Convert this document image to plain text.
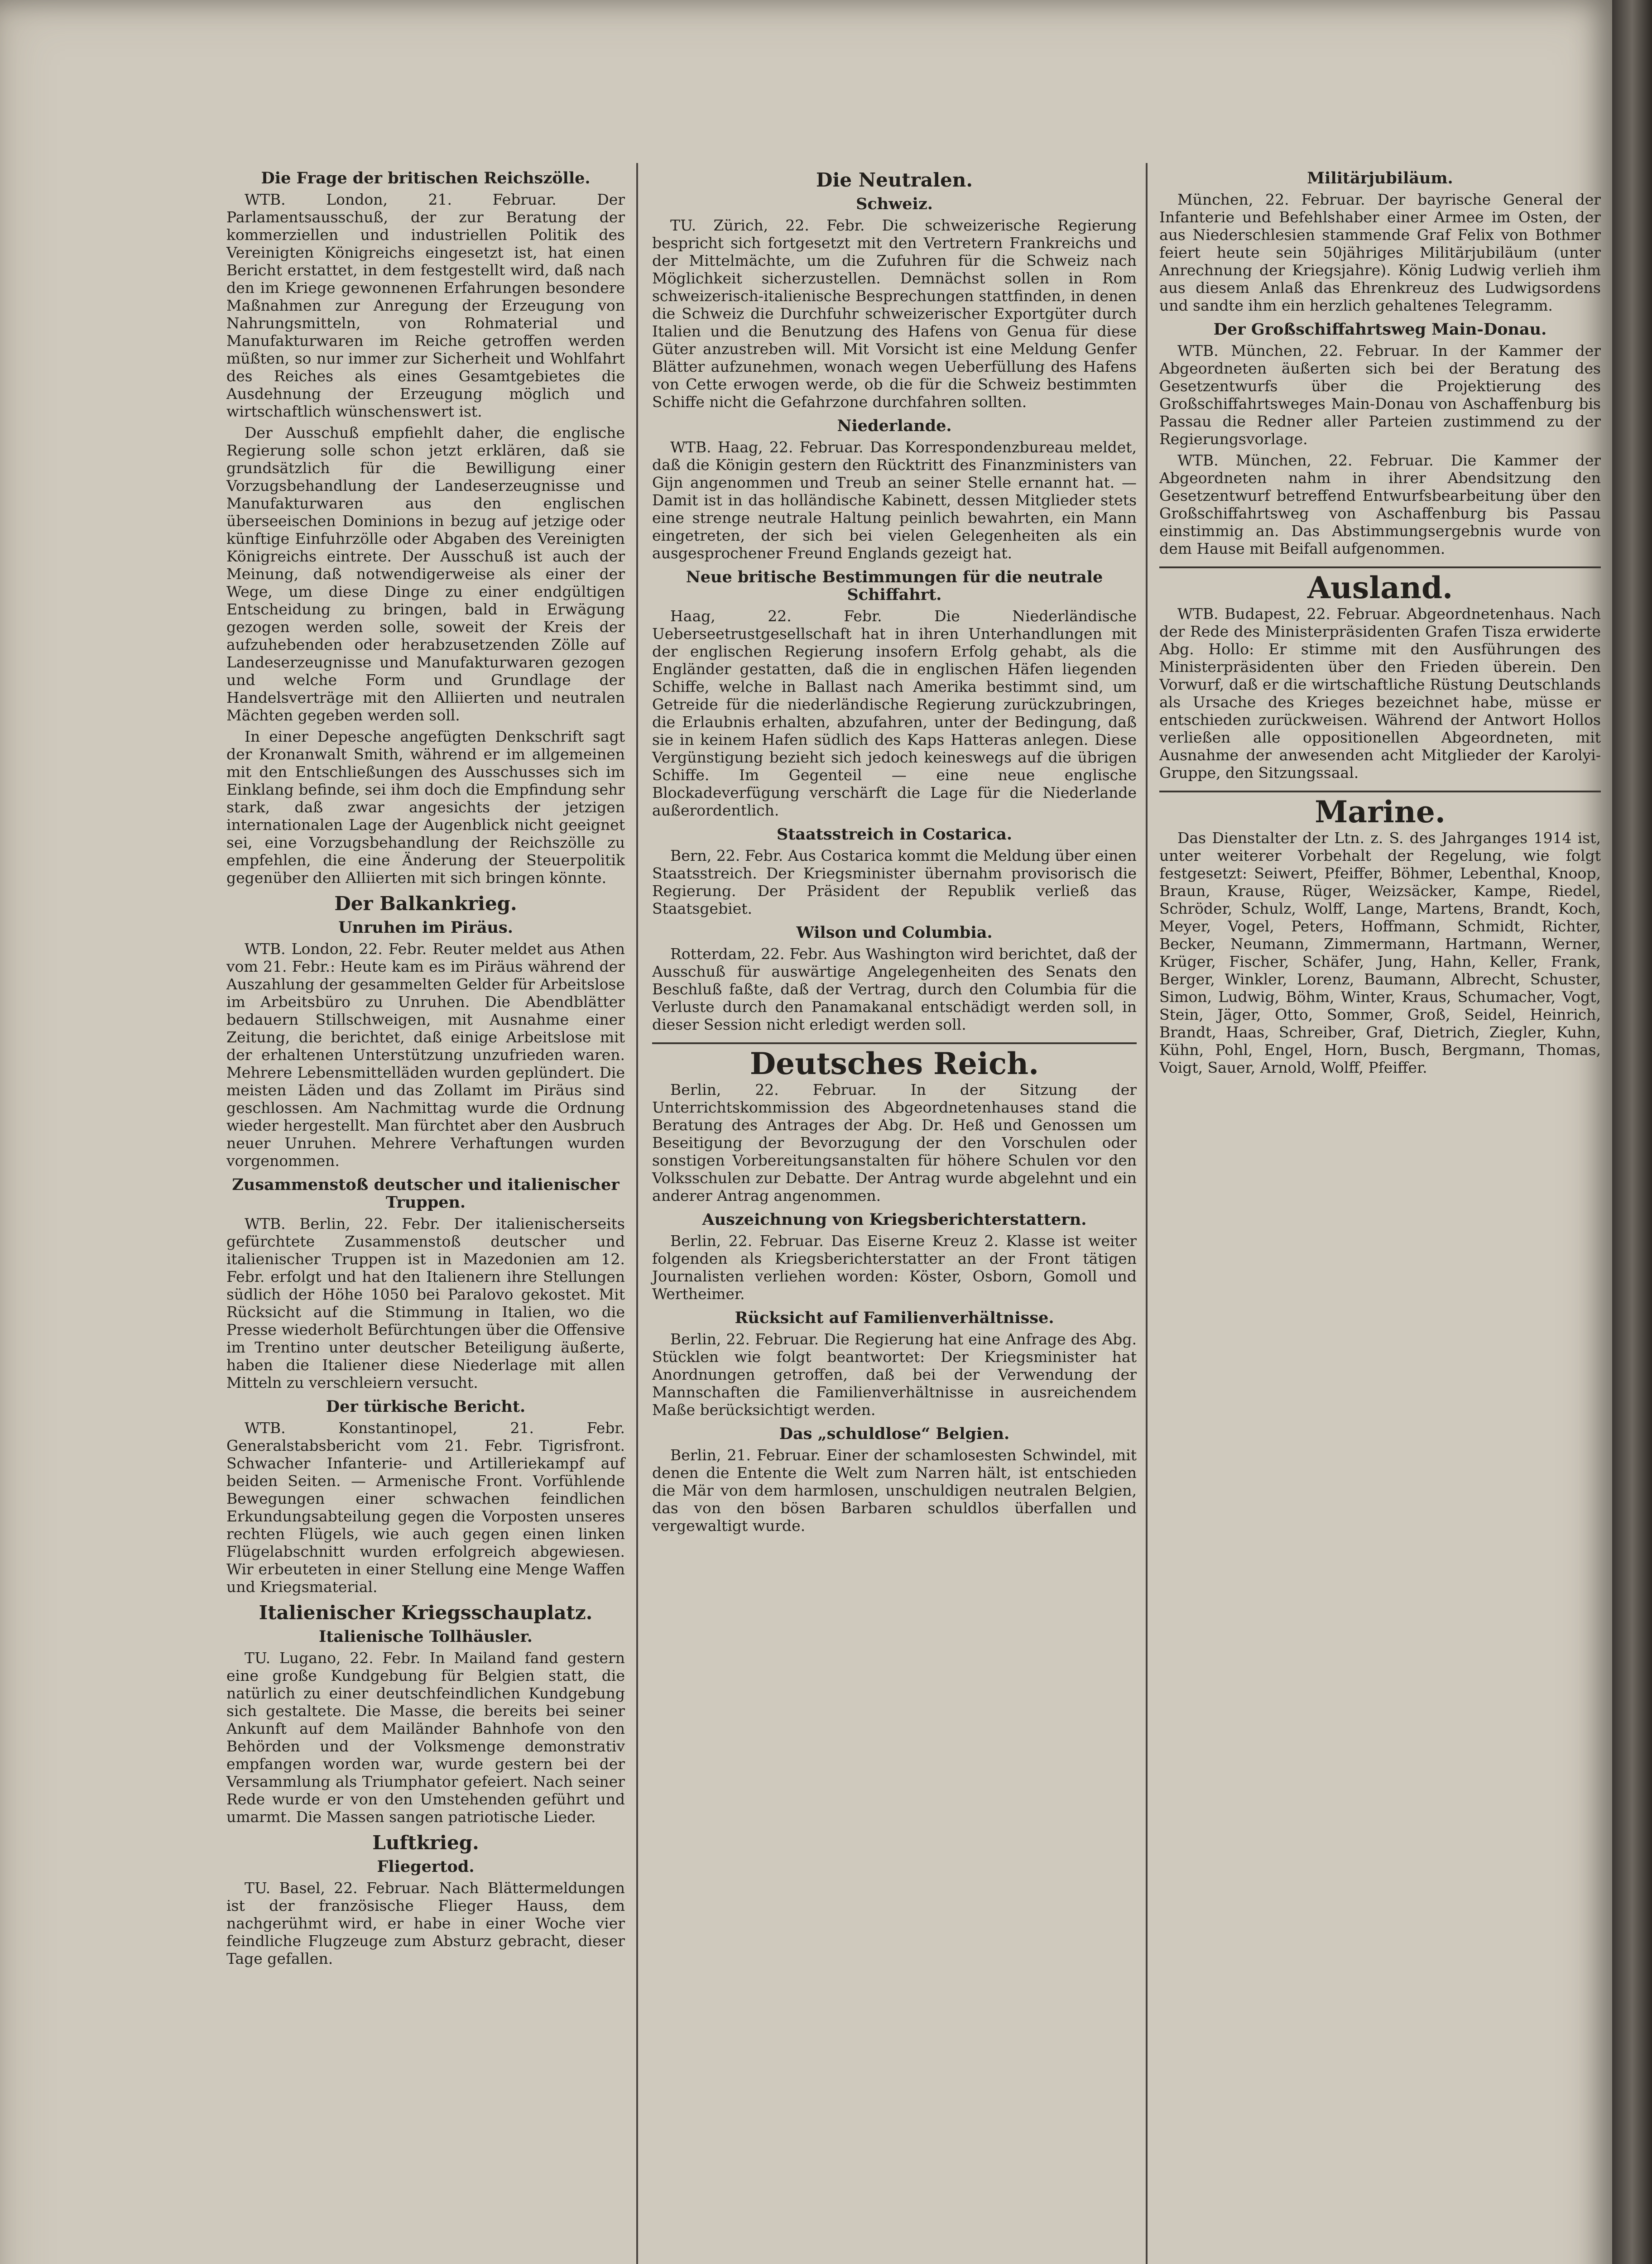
Die Frage der britischen Reichszölle.

WTB. London, 21. Februar. Der Parlamentsausschuß, der zur Beratung der kommerziellen und industriellen Politik des Vereinigten Königreichs eingesetzt ist, hat einen Bericht erstattet, in dem festgestellt wird, daß nach den im Kriege gewonnenen Erfahrungen besondere Maßnahmen zur Anregung der Erzeugung von Nahrungsmitteln, von Rohmaterial und Manufakturwaren im Reiche getroffen werden müßten, so nur immer zur Sicherheit und Wohlfahrt des Reiches als eines Gesamtgebietes die Ausdehnung der Erzeugung möglich und wirtschaftlich wünschenswert ist.

Der Ausschuß empfiehlt daher, die englische Regierung solle schon jetzt erklären, daß sie grundsätzlich für die Bewilligung einer Vorzugsbehandlung der Landeserzeugnisse und Manufakturwaren aus den englischen überseeischen Dominions in bezug auf jetzige oder künftige Einfuhrzölle oder Abgaben des Vereinigten Königreichs eintrete. Der Ausschuß ist auch der Meinung, daß notwendigerweise als einer der Wege, um diese Dinge zu einer endgültigen Entscheidung zu bringen, bald in Erwägung gezogen werden solle, soweit der Kreis der aufzuhebenden oder herabzusetzenden Zölle auf Landeserzeugnisse und Manufakturwaren gezogen und welche Form und Grundlage der Handelsverträge mit den Alliierten und neutralen Mächten gegeben werden soll.

In einer Depesche angefügten Denkschrift sagt der Kronanwalt Smith, während er im allgemeinen mit den Entschließungen des Ausschusses sich im Einklang befinde, sei ihm doch die Empfindung sehr stark, daß zwar angesichts der jetzigen internationalen Lage der Augenblick nicht geeignet sei, eine Vorzugsbehandlung der Reichszölle zu empfehlen, die eine Änderung der Steuerpolitik gegenüber den Alliierten mit sich bringen könnte.

Der Balkankrieg.
Unruhen im Piräus.

WTB. London, 22. Febr. Reuter meldet aus Athen vom 21. Febr.: Heute kam es im Piräus während der Auszahlung der gesammelten Gelder für Arbeitslose im Arbeitsbüro zu Unruhen. Die Abendblätter bedauern Stillschweigen, mit Ausnahme einer Zeitung, die berichtet, daß einige Arbeitslose mit der erhaltenen Unterstützung unzufrieden waren. Mehrere Lebensmittelläden wurden geplündert. Die meisten Läden und das Zollamt im Piräus sind geschlossen. Am Nachmittag wurde die Ordnung wieder hergestellt. Man fürchtet aber den Ausbruch neuer Unruhen. Mehrere Verhaftungen wurden vorgenommen.

Zusammenstoß deutscher und italienischer Truppen.

WTB. Berlin, 22. Febr. Der italienischerseits gefürchtete Zusammenstoß deutscher und italienischer Truppen ist in Mazedonien am 12. Febr. erfolgt und hat den Italienern ihre Stellungen südlich der Höhe 1050 bei Paralovo gekostet. Mit Rücksicht auf die Stimmung in Italien, wo die Presse wiederholt Befürchtungen über die Offensive im Trentino unter deutscher Beteiligung äußerte, haben die Italiener diese Niederlage mit allen Mitteln zu verschleiern versucht.

Der türkische Bericht.

WTB. Konstantinopel, 21. Febr. Generalstabsbericht vom 21. Febr. Tigrisfront. Schwacher Infanterie- und Artilleriekampf auf beiden Seiten. — Armenische Front. Vorfühlende Bewegungen einer schwachen feindlichen Erkundungsabteilung gegen die Vorposten unseres rechten Flügels, wie auch gegen einen linken Flügelabschnitt wurden erfolgreich abgewiesen. Wir erbeuteten in einer Stellung eine Menge Waffen und Kriegsmaterial.

Italienischer Kriegsschauplatz.
Italienische Tollhäusler.

TU. Lugano, 22. Febr. In Mailand fand gestern eine große Kundgebung für Belgien statt, die natürlich zu einer deutschfeindlichen Kundgebung sich gestaltete. Die Masse, die bereits bei seiner Ankunft auf dem Mailänder Bahnhofe von den Behörden und der Volksmenge demonstrativ empfangen worden war, wurde gestern bei der Versammlung als Triumphator gefeiert. Nach seiner Rede wurde er von den Umstehenden geführt und umarmt. Die Massen sangen patriotische Lieder.

Luftkrieg.
Fliegertod.

TU. Basel, 22. Februar. Nach Blättermeldungen ist der französische Flieger Hauss, dem nachgerühmt wird, er habe in einer Woche vier feindliche Flugzeuge zum Absturz gebracht, dieser Tage gefallen.

Die Neutralen.
Schweiz.

TU. Zürich, 22. Febr. Die schweizerische Regierung bespricht sich fortgesetzt mit den Vertretern Frankreichs und der Mittelmächte, um die Zufuhren für die Schweiz nach Möglichkeit sicherzustellen. Demnächst sollen in Rom schweizerisch-italienische Besprechungen stattfinden, in denen die Schweiz die Durchfuhr schweizerischer Exportgüter durch Italien und die Benutzung des Hafens von Genua für diese Güter anzustreben will. Mit Vorsicht ist eine Meldung Genfer Blätter aufzunehmen, wonach wegen Ueberfüllung des Hafens von Cette erwogen werde, ob die für die Schweiz bestimmten Schiffe nicht die Gefahrzone durchfahren sollten.

Niederlande.

WTB. Haag, 22. Februar. Das Korrespondenzbureau meldet, daß die Königin gestern den Rücktritt des Finanzministers van Gijn angenommen und Treub an seiner Stelle ernannt hat. — Damit ist in das holländische Kabinett, dessen Mitglieder stets eine strenge neutrale Haltung peinlich bewahrten, ein Mann eingetreten, der sich bei vielen Gelegenheiten als ein ausgesprochener Freund Englands gezeigt hat.

Neue britische Bestimmungen für die neutrale Schiffahrt.

Haag, 22. Febr. Die Niederländische Ueberseetrustgesellschaft hat in ihren Unterhandlungen mit der englischen Regierung insofern Erfolg gehabt, als die Engländer gestatten, daß die in englischen Häfen liegenden Schiffe, welche in Ballast nach Amerika bestimmt sind, um Getreide für die niederländische Regierung zurückzubringen, die Erlaubnis erhalten, abzufahren, unter der Bedingung, daß sie in keinem Hafen südlich des Kaps Hatteras anlegen. Diese Vergünstigung bezieht sich jedoch keineswegs auf die übrigen Schiffe. Im Gegenteil — eine neue englische Blockadeverfügung verschärft die Lage für die Niederlande außerordentlich.

Staatsstreich in Costarica.

Bern, 22. Febr. Aus Costarica kommt die Meldung über einen Staatsstreich. Der Kriegsminister übernahm provisorisch die Regierung. Der Präsident der Republik verließ das Staatsgebiet.

Wilson und Columbia.

Rotterdam, 22. Febr. Aus Washington wird berichtet, daß der Ausschuß für auswärtige Angelegenheiten des Senats den Beschluß faßte, daß der Vertrag, durch den Columbia für die Verluste durch den Panamakanal entschädigt werden soll, in dieser Session nicht erledigt werden soll.

Deutsches Reich.

Berlin, 22. Februar. In der Sitzung der Unterrichtskommission des Abgeordnetenhauses stand die Beratung des Antrages der Abg. Dr. Heß und Genossen um Beseitigung der Bevorzugung der den Vorschulen oder sonstigen Vorbereitungsanstalten für höhere Schulen vor den Volksschulen zur Debatte. Der Antrag wurde abgelehnt und ein anderer Antrag angenommen.

Auszeichnung von Kriegsberichterstattern.

Berlin, 22. Februar. Das Eiserne Kreuz 2. Klasse ist weiter folgenden als Kriegsberichterstatter an der Front tätigen Journalisten verliehen worden: Köster, Osborn, Gomoll und Wertheimer.

Rücksicht auf Familienverhältnisse.

Berlin, 22. Februar. Die Regierung hat eine Anfrage des Abg. Stücklen wie folgt beantwortet: Der Kriegsminister hat Anordnungen getroffen, daß bei der Verwendung der Mannschaften die Familienverhältnisse in ausreichendem Maße berücksichtigt werden.

Das „schuldlose“ Belgien.

Berlin, 21. Februar. Einer der schamlosesten Schwindel, mit denen die Entente die Welt zum Narren hält, ist entschieden die Mär von dem harmlosen, unschuldigen neutralen Belgien, das von den bösen Barbaren schuldlos überfallen und vergewaltigt wurde.

Militärjubiläum.

München, 22. Februar. Der bayrische General der Infanterie und Befehlshaber einer Armee im Osten, der aus Niederschlesien stammende Graf Felix von Bothmer feiert heute sein 50jähriges Militärjubiläum (unter Anrechnung der Kriegsjahre). König Ludwig verlieh ihm aus diesem Anlaß das Ehrenkreuz des Ludwigsordens und sandte ihm ein herzlich gehaltenes Telegramm.

Der Großschiffahrtsweg Main-Donau.

WTB. München, 22. Februar. In der Kammer der Abgeordneten äußerten sich bei der Beratung des Gesetzentwurfs über die Projektierung des Großschiffahrtsweges Main-Donau von Aschaffenburg bis Passau die Redner aller Parteien zustimmend zu der Regierungsvorlage.

WTB. München, 22. Februar. Die Kammer der Abgeordneten nahm in ihrer Abendsitzung den Gesetzentwurf betreffend Entwurfsbearbeitung über den Großschiffahrtsweg von Aschaffenburg bis Passau einstimmig an. Das Abstimmungsergebnis wurde von dem Hause mit Beifall aufgenommen.

Ausland.

WTB. Budapest, 22. Februar. Abgeordnetenhaus. Nach der Rede des Ministerpräsidenten Grafen Tisza erwiderte Abg. Hollo: Er stimme mit den Ausführungen des Ministerpräsidenten über den Frieden überein. Den Vorwurf, daß er die wirtschaftliche Rüstung Deutschlands als Ursache des Krieges bezeichnet habe, müsse er entschieden zurückweisen. Während der Antwort Hollos verließen alle oppositionellen Abgeordneten, mit Ausnahme der anwesenden acht Mitglieder der Karolyi-Gruppe, den Sitzungssaal.

Marine.

Das Dienstalter der Ltn. z. S. des Jahrganges 1914 ist, unter weiterer Vorbehalt der Regelung, wie folgt festgesetzt: Seiwert, Pfeiffer, Böhmer, Lebenthal, Knoop, Braun, Krause, Rüger, Weizsäcker, Kampe, Riedel, Schröder, Schulz, Wolff, Lange, Martens, Brandt, Koch, Meyer, Vogel, Peters, Hoffmann, Schmidt, Richter, Becker, Neumann, Zimmermann, Hartmann, Werner, Krüger, Fischer, Schäfer, Jung, Hahn, Keller, Frank, Berger, Winkler, Lorenz, Baumann, Albrecht, Schuster, Simon, Ludwig, Böhm, Winter, Kraus, Schumacher, Vogt, Stein, Jäger, Otto, Sommer, Groß, Seidel, Heinrich, Brandt, Haas, Schreiber, Graf, Dietrich, Ziegler, Kuhn, Kühn, Pohl, Engel, Horn, Busch, Bergmann, Thomas, Voigt, Sauer, Arnold, Wolff, Pfeiffer.
